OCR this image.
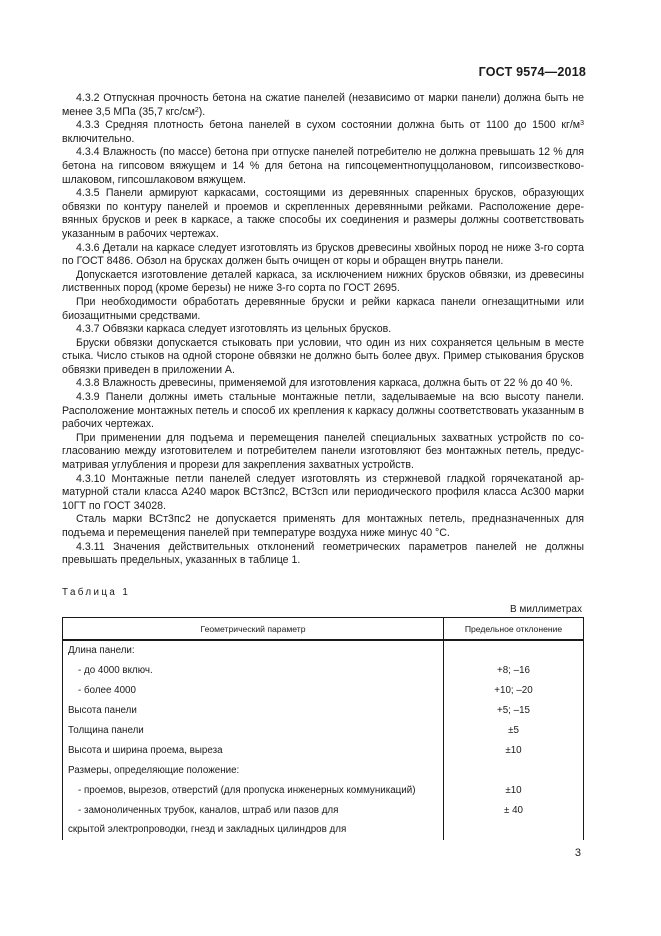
ГОСТ 9574—2018

4.3.2 Отпускная прочность бетона на сжатие панелей (независимо от марки панели) должна быть не менее 3,5 МПа (35,7 кгс/$см^2$).

4.3.3 Средняя плотность бетона панелей в сухом состоянии должна быть от 1100 до 1500 $кг/м^3$ включительно.

4.3.4 Влажность (по массе) бетона при отпуске панелей потребителю не должна превышать 12 % для бетона на гипсовом вяжущем и 14 % для бетона на гипсоцементнопуццолановом, гипсоизвестковошлаковом, гипсошлаковом вяжущем.

4.3.5 Панели армируют каркасами, состоящими из деревянных спаренных брусков, образующих обвязки по контуру панелей и проемов и скрепленных деревянными рейками. Расположение деревянных брусков и реек в каркасе, а также способы их соединения и размеры должны соответствовать указанным в рабочих чертежах.

4.3.6 Детали на каркасе следует изготовлять из брусков древесины хвойных пород не ниже 3-го сорта по ГОСТ 8486. Обзол на брусках должен быть очищен от коры и обращен внутрь панели.

Допускается изготовление деталей каркаса, за исключением нижних брусков обвязки, из древесины лиственных пород (кроме березы) не ниже 3-го сорта по ГОСТ 2695.

При необходимости обработать деревянные бруски и рейки каркаса панели огнезащитными или биозащитными средствами.

4.3.7 Обвязки каркаса следует изготовлять из цельных брусков.

Бруски обвязки допускается стыковать при условии, что один из них сохраняется цельным в месте стыка. Число стыков на одной стороне обвязки не должно быть более двух. Пример стыкования брусков обвязки приведен в приложении А.

4.3.8 Влажность древесины, применяемой для изготовления каркаса, должна быть от 22 % до 40 %.

4.3.9 Панели должны иметь стальные монтажные петли, заделываемые на всю высоту панели. Расположение монтажных петель и способ их крепления к каркасу должны соответствовать указанным в рабочих чертежах.

При применении для подъема и перемещения панелей специальных захватных устройств по согласованию между изготовителем и потребителем панели изготовляют без монтажных петель, предусматривая углубления и прорези для закрепления захватных устройств.

4.3.10 Монтажные петли панелей следует изготовлять из стержневой гладкой горячекатаной арматурной стали класса А240 марок ВСт3пс2, ВСт3сп или периодического профиля класса Ас300 марки 10ГТ по ГОСТ 34028.

Сталь марки ВСт3пс2 не допускается применять для монтажных петель, предназначенных для подъема и перемещения панелей при температуре воздуха ниже минус 40 °С.

4.3.11 Значения действительных отклонений геометрических параметров панелей не должны превышать предельных, указанных в таблице 1.

Таблица 1
В миллиметрах
Геометрический параметр	Предельное отклонение
Длина панели:	
- до 4000 включ.	+8; –16
- более 4000	+10; –20
Высота панели	+5; –15
Толщина панели	±5
Высота и ширина проема, выреза	±10
Размеры, определяющие положение:	
- проемов, вырезов, отверстий (для пропуска инженерных коммуникаций)	±10
- замоноличенных трубок, каналов, штраб или пазов для	± 40
скрытой электропроводки, гнезд и закладных цилиндров для	
3
